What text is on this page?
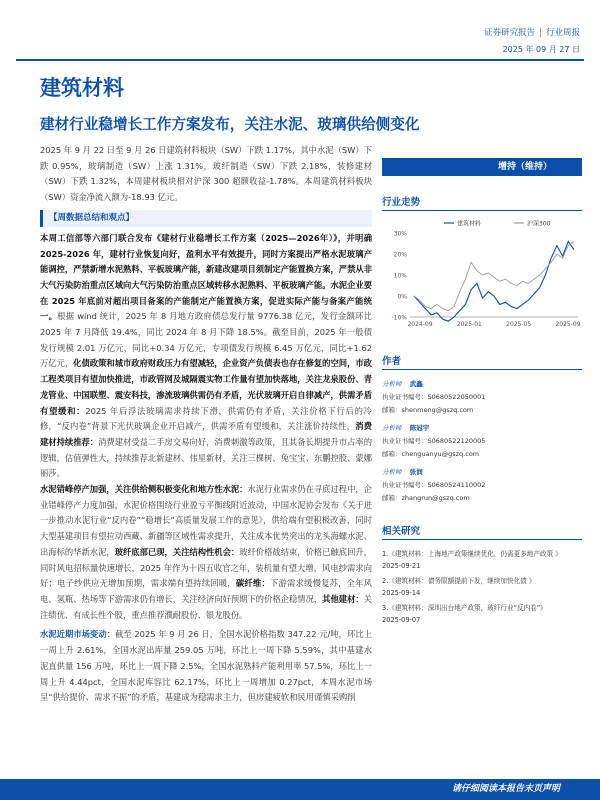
证券研究报告 | 行业周报
2025 年 09 月 27 日
建筑材料
建材行业稳增长工作方案发布，关注水泥、玻璃供给侧变化

2025 年 9 月 22 日至 9 月 26 日建筑材料板块（SW）下跌 1.17%，其中水泥（SW）下跌 0.95%，玻璃制造（SW）上涨 1.31%，玻纤制造（SW）下跌 2.18%，装修建材（SW）下跌 1.32%，本周建材板块相对沪深 300 超额收益-1.78%。本周建筑材料板块（SW）资金净流入额为-18.93 亿元。

【周数据总结和观点】

本周工信部等六部门联合发布《建材行业稳增长工作方案（2025—2026年）》，并明确 2025-2026 年，建材行业恢复向好，盈利水平有效提升，同时方案提出严格水泥玻璃产能调控，严禁新增水泥熟料、平板玻璃产能，新建改建项目须制定产能置换方案，严禁从非大气污染防治重点区域向大气污染防治重点区域转移水泥熟料、平板玻璃产能。水泥企业要在 2025 年底前对超出项目备案的产能制定产能置换方案，促进实际产能与备案产能统一。根据 wind 统计，2025 年 8 月地方政府债总发行量 9776.38 亿元，发行金额环比 2025 年 7 月降低 19.4%，同比 2024 年 8 月下降 18.5%。截至目前，2025 年一般债发行规模 2.01 万亿元，同比+0.34 万亿元，专项债发行规模 6.45 万亿元，同比+1.62 万亿元，化债政策和城市政府财政压力有望减轻，企业资产负债表也存在修复的空间，市政工程类项目有望加快推进，市政管网及城隔震实物工作量有望加快落地，关注龙泉股份、青龙管业、中国联塑、震安科技，渗流玻璃供需仍有矛盾，光伏玻璃开启自律减产，供需矛盾有望缓和：2025 年后浮法玻璃需求持续下滑，供需仍有矛盾，关注价格下行后的冷修，“反内卷”背景下光伏玻璃企业开启减产，供需矛盾有望缓和，关注涨价持续性，消费建材持续推荐：消费建材受益二手房交易向好，消费刺激等政策，且其备长期提升市占率的逻辑，估值弹性大，持续推荐北新建材、伟星新材，关注三棵树、兔宝宝、东鹏控股、蒙娜丽莎。

水泥错峰停产加强，关注供给侧积极变化和地方性水泥：水泥行业需求仍在寻底过程中，企业错峰停产力度加强，水泥价格围绕行业盈亏平衡线附近波动，中国水泥协会发布《关于进一步推动水泥行业“反内卷”“稳增长”高质量发展工作的意见》，供给端有望积极改善，同时大型基建项目有望拉动西藏、新疆等区域性需求提升，关注成本优势突出的龙头海螺水泥、出海标的华新水泥，玻纤底部已现，关注结构性机会：玻纤价格战结束，价格已触底回升，同时风电招标量快速增长，2025 年作为十四五收官之年，装机量有望大增，风电纱需求向好；电子纱供应无增加预期，需求端有望持续回暖，碳纤维：下游需求缓慢复苏，全年风电、氢瓶、热场等下游需求仍有增长，关注经济向好预期下的价格企稳情况，其他建材：关注绩优、有成长性个股，重点推荐濮耐股份、银龙股份。

水泥近期市场变动：截至 2025 年 9 月 26 日，全国水泥价格指数 347.22 元/吨，环比上一周上升 2.61%，全国水泥出库量 259.05 万吨，环比上一周下降 5.59%，其中基建水泥直供量 156 万吨，环比上一周下降 2.5%，全国水泥熟料产能利用率 57.5%，环比上一周上升 4.44pct，全国水泥库容比 62.17%，环比上一周增加 0.27pct，本周水泥市场呈“供给提价、需求不振”的矛盾，基建成为稳需求主力，但房建疲软和民用谨慎采购削

增持（维持）
行业走势
30%
20%
10%
0%
-10%
2024-09	2025-01	2025-05	2025-09
建筑材料	沪深300
作者
分析师 武鑫
执业证书编号：S0680522050001
邮箱：shenmeng@gszq.com
分析师 陈冠宇
执业证书编号：S0680522120005
邮箱：chenguanyu@gszq.com
分析师 张润
执业证书编号：S0680524110002
邮箱：zhangrun@gszq.com
相关研究
1.《建筑材料：上海地产政策继续优化，仍需更多地产政策 》
2025-09-21
2.《建筑材料：债务限额提前下发，继续加快化债 》
2025-09-14
3.《建筑材料：深圳出台地产政策，玻纤行业“反内卷”》
2025-09-07
请仔细阅读本报告末页声明
